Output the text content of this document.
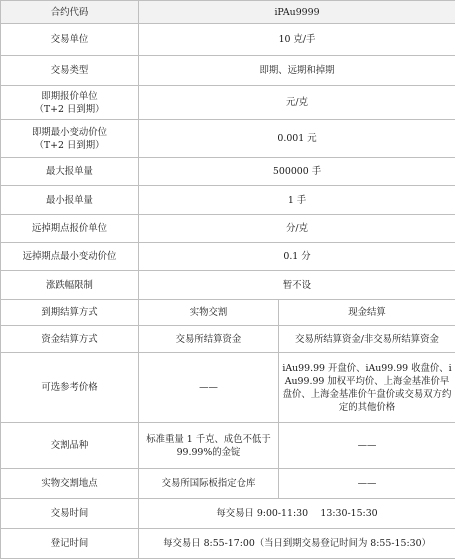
合约代码	iPAu9999	
交易单位	10 克/手	
交易类型	即期、远期和掉期	

即期报价单位
（T+2 日到期）	元/克	

即期最小变动价位
（T+2 日到期）	0.001 元	
最大报单量	500000 手	
最小报单量	1 手	
远掉期点报价单位	分/克	
远掉期点最小变动价位	0.1 分	
涨跌幅限制	暂不设	
到期结算方式	实物交割	现金结算
资金结算方式	交易所结算资金	交易所结算资金/非交易所结算资金
可选参考价格	——	iAu99.99 开盘价、iAu99.99 收盘价、iAu99.99 加权平均价、上海金基准价早盘价、上海金基准价午盘价或交易双方约定的其他价格
交割品种	标准重量 1 千克、成色不低于 99.99%的金锭	——
实物交割地点	交易所国际板指定仓库	——
交易时间	每交易日 9:00-11:30　 13:30-15:30	
登记时间	每交易日 8:55-17:00（当日到期交易登记时间为 8:55-15:30）	
